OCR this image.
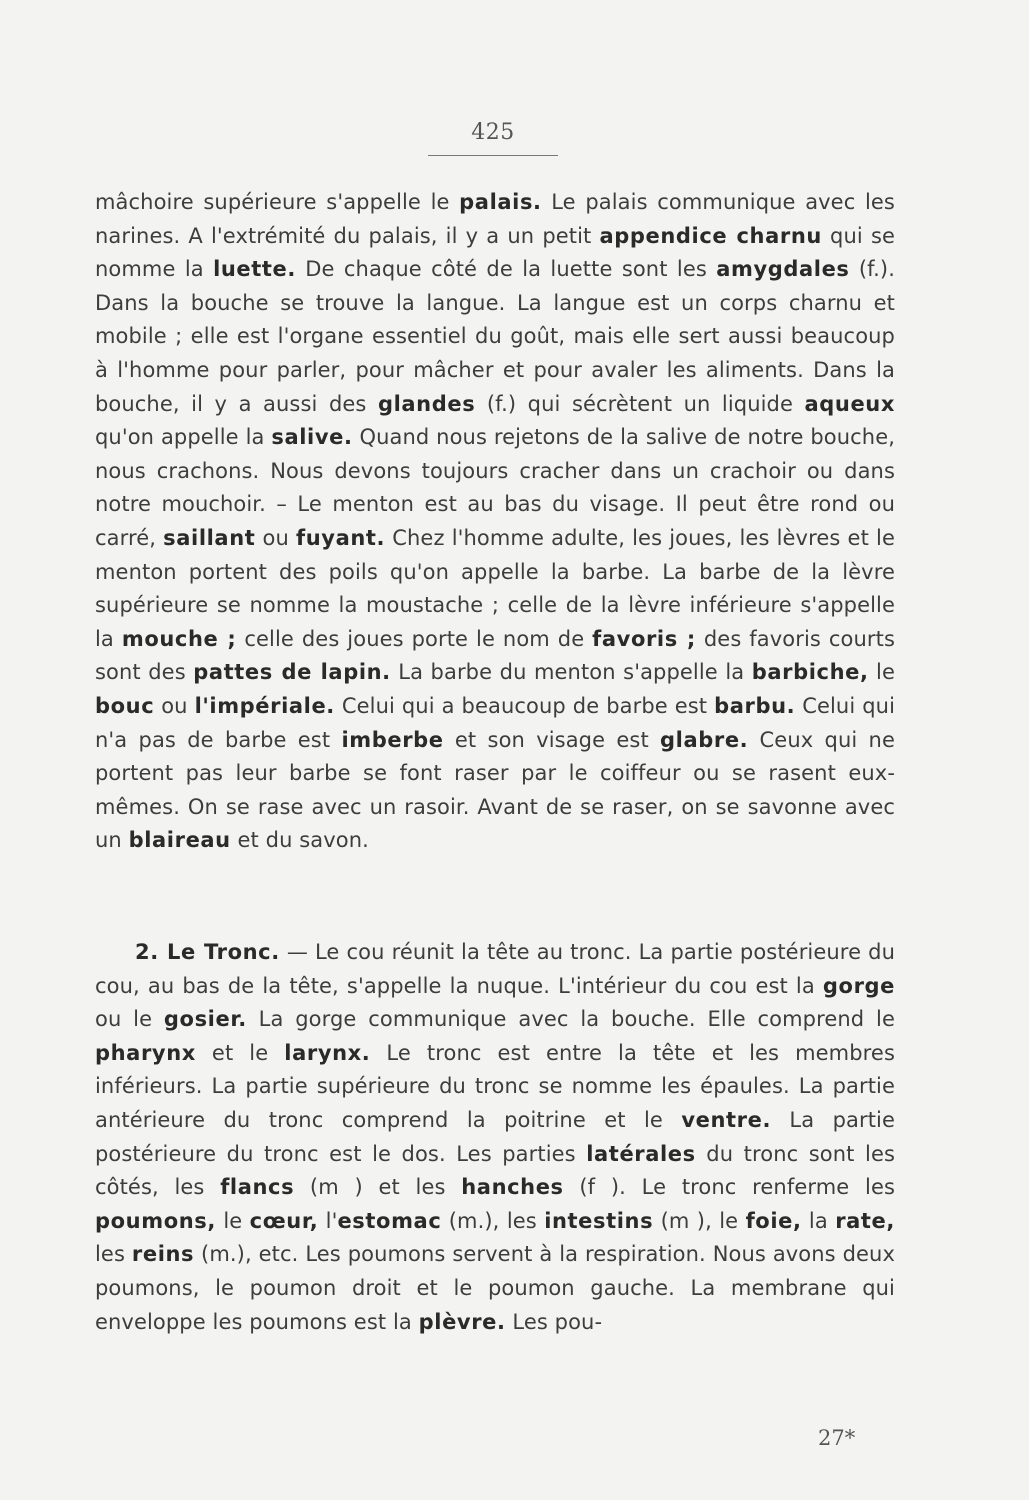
425

mâchoire supérieure s'appelle le palais. Le palais communique avec les narines. A l'extrémité du palais, il y a un petit appendice charnu qui se nomme la luette. De chaque côté de la luette sont les amygdales (f.). Dans la bouche se trouve la langue. La langue est un corps charnu et mobile ; elle est l'organe essentiel du goût, mais elle sert aussi beaucoup à l'homme pour parler, pour mâcher et pour avaler les aliments. Dans la bouche, il y a aussi des glandes (f.) qui sécrètent un liquide aqueux qu'on appelle la salive. Quand nous rejetons de la salive de notre bouche, nous crachons. Nous devons toujours cracher dans un crachoir ou dans notre mouchoir. – Le menton est au bas du visage. Il peut être rond ou carré, saillant ou fuyant. Chez l'homme adulte, les joues, les lèvres et le menton portent des poils qu'on appelle la barbe. La barbe de la lèvre supérieure se nomme la moustache ; celle de la lèvre inférieure s'appelle la mouche ; celle des joues porte le nom de favoris ; des favoris courts sont des pattes de lapin. La barbe du menton s'appelle la barbiche, le bouc ou l'impériale. Celui qui a beaucoup de barbe est barbu. Celui qui n'a pas de barbe est imberbe et son visage est glabre. Ceux qui ne portent pas leur barbe se font raser par le coiffeur ou se rasent eux-mêmes. On se rase avec un rasoir. Avant de se raser, on se savonne avec un blaireau et du savon.

2. Le Tronc. — Le cou réunit la tête au tronc. La partie postérieure du cou, au bas de la tête, s'appelle la nuque. L'intérieur du cou est la gorge ou le gosier. La gorge communique avec la bouche. Elle comprend le pharynx et le larynx. Le tronc est entre la tête et les membres inférieurs. La partie supérieure du tronc se nomme les épaules. La partie antérieure du tronc comprend la poitrine et le ventre. La partie postérieure du tronc est le dos. Les parties latérales du tronc sont les côtés, les flancs (m ) et les hanches (f ). Le tronc renferme les poumons, le cœur, l'estomac (m.), les intestins (m ), le foie, la rate, les reins (m.), etc. Les poumons servent à la respiration. Nous avons deux poumons, le poumon droit et le poumon gauche. La membrane qui enveloppe les poumons est la plèvre. Les pou-

27*
